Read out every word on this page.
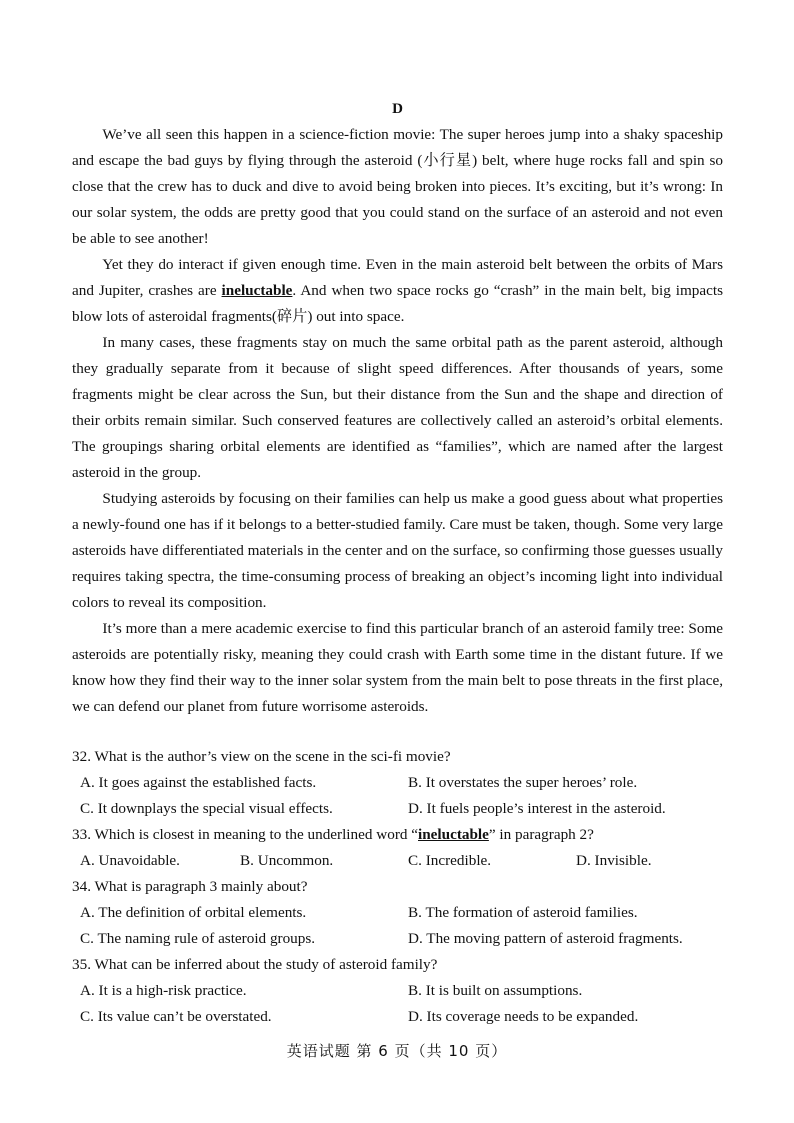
D

We’ve all seen this happen in a science-fiction movie: The super heroes jump into a shaky spaceship and escape the bad guys by flying through the asteroid (小行星) belt, where huge rocks fall and spin so close that the crew has to duck and dive to avoid being broken into pieces. It’s exciting, but it’s wrong: In our solar system, the odds are pretty good that you could stand on the surface of an asteroid and not even be able to see another!

Yet they do interact if given enough time. Even in the main asteroid belt between the orbits of Mars and Jupiter, crashes are ineluctable. And when two space rocks go “crash” in the main belt, big impacts blow lots of asteroidal fragments(碎片) out into space.

In many cases, these fragments stay on much the same orbital path as the parent asteroid, although they gradually separate from it because of slight speed differences. After thousands of years, some fragments might be clear across the Sun, but their distance from the Sun and the shape and direction of their orbits remain similar. Such conserved features are collectively called an asteroid’s orbital elements. The groupings sharing orbital elements are identified as “families”, which are named after the largest asteroid in the group.

Studying asteroids by focusing on their families can help us make a good guess about what properties a newly-found one has if it belongs to a better-studied family. Care must be taken, though. Some very large asteroids have differentiated materials in the center and on the surface, so confirming those guesses usually requires taking spectra, the time-consuming process of breaking an object’s incoming light into individual colors to reveal its composition.

It’s more than a mere academic exercise to find this particular branch of an asteroid family tree: Some asteroids are potentially risky, meaning they could crash with Earth some time in the distant future. If we know how they find their way to the inner solar system from the main belt to pose threats in the first place, we can defend our planet from future worrisome asteroids.

32. What is the author’s view on the scene in the sci-fi movie?
A. It goes against the established facts.	B. It overstates the super heroes’ role.
C. It downplays the special visual effects.	D. It fuels people’s interest in the asteroid.
33. Which is closest in meaning to the underlined word “ineluctable” in paragraph 2?
A. Unavoidable.	B. Uncommon.	C. Incredible.	D. Invisible.
34. What is paragraph 3 mainly about?
A. The definition of orbital elements.	B. The formation of asteroid families.
C. The naming rule of asteroid groups.	D. The moving pattern of asteroid fragments.
35. What can be inferred about the study of asteroid family?
A. It is a high-risk practice.	B. It is built on assumptions.
C. Its value can’t be overstated.	D. Its coverage needs to be expanded.
英语试题 第 6 页（共 10 页）
